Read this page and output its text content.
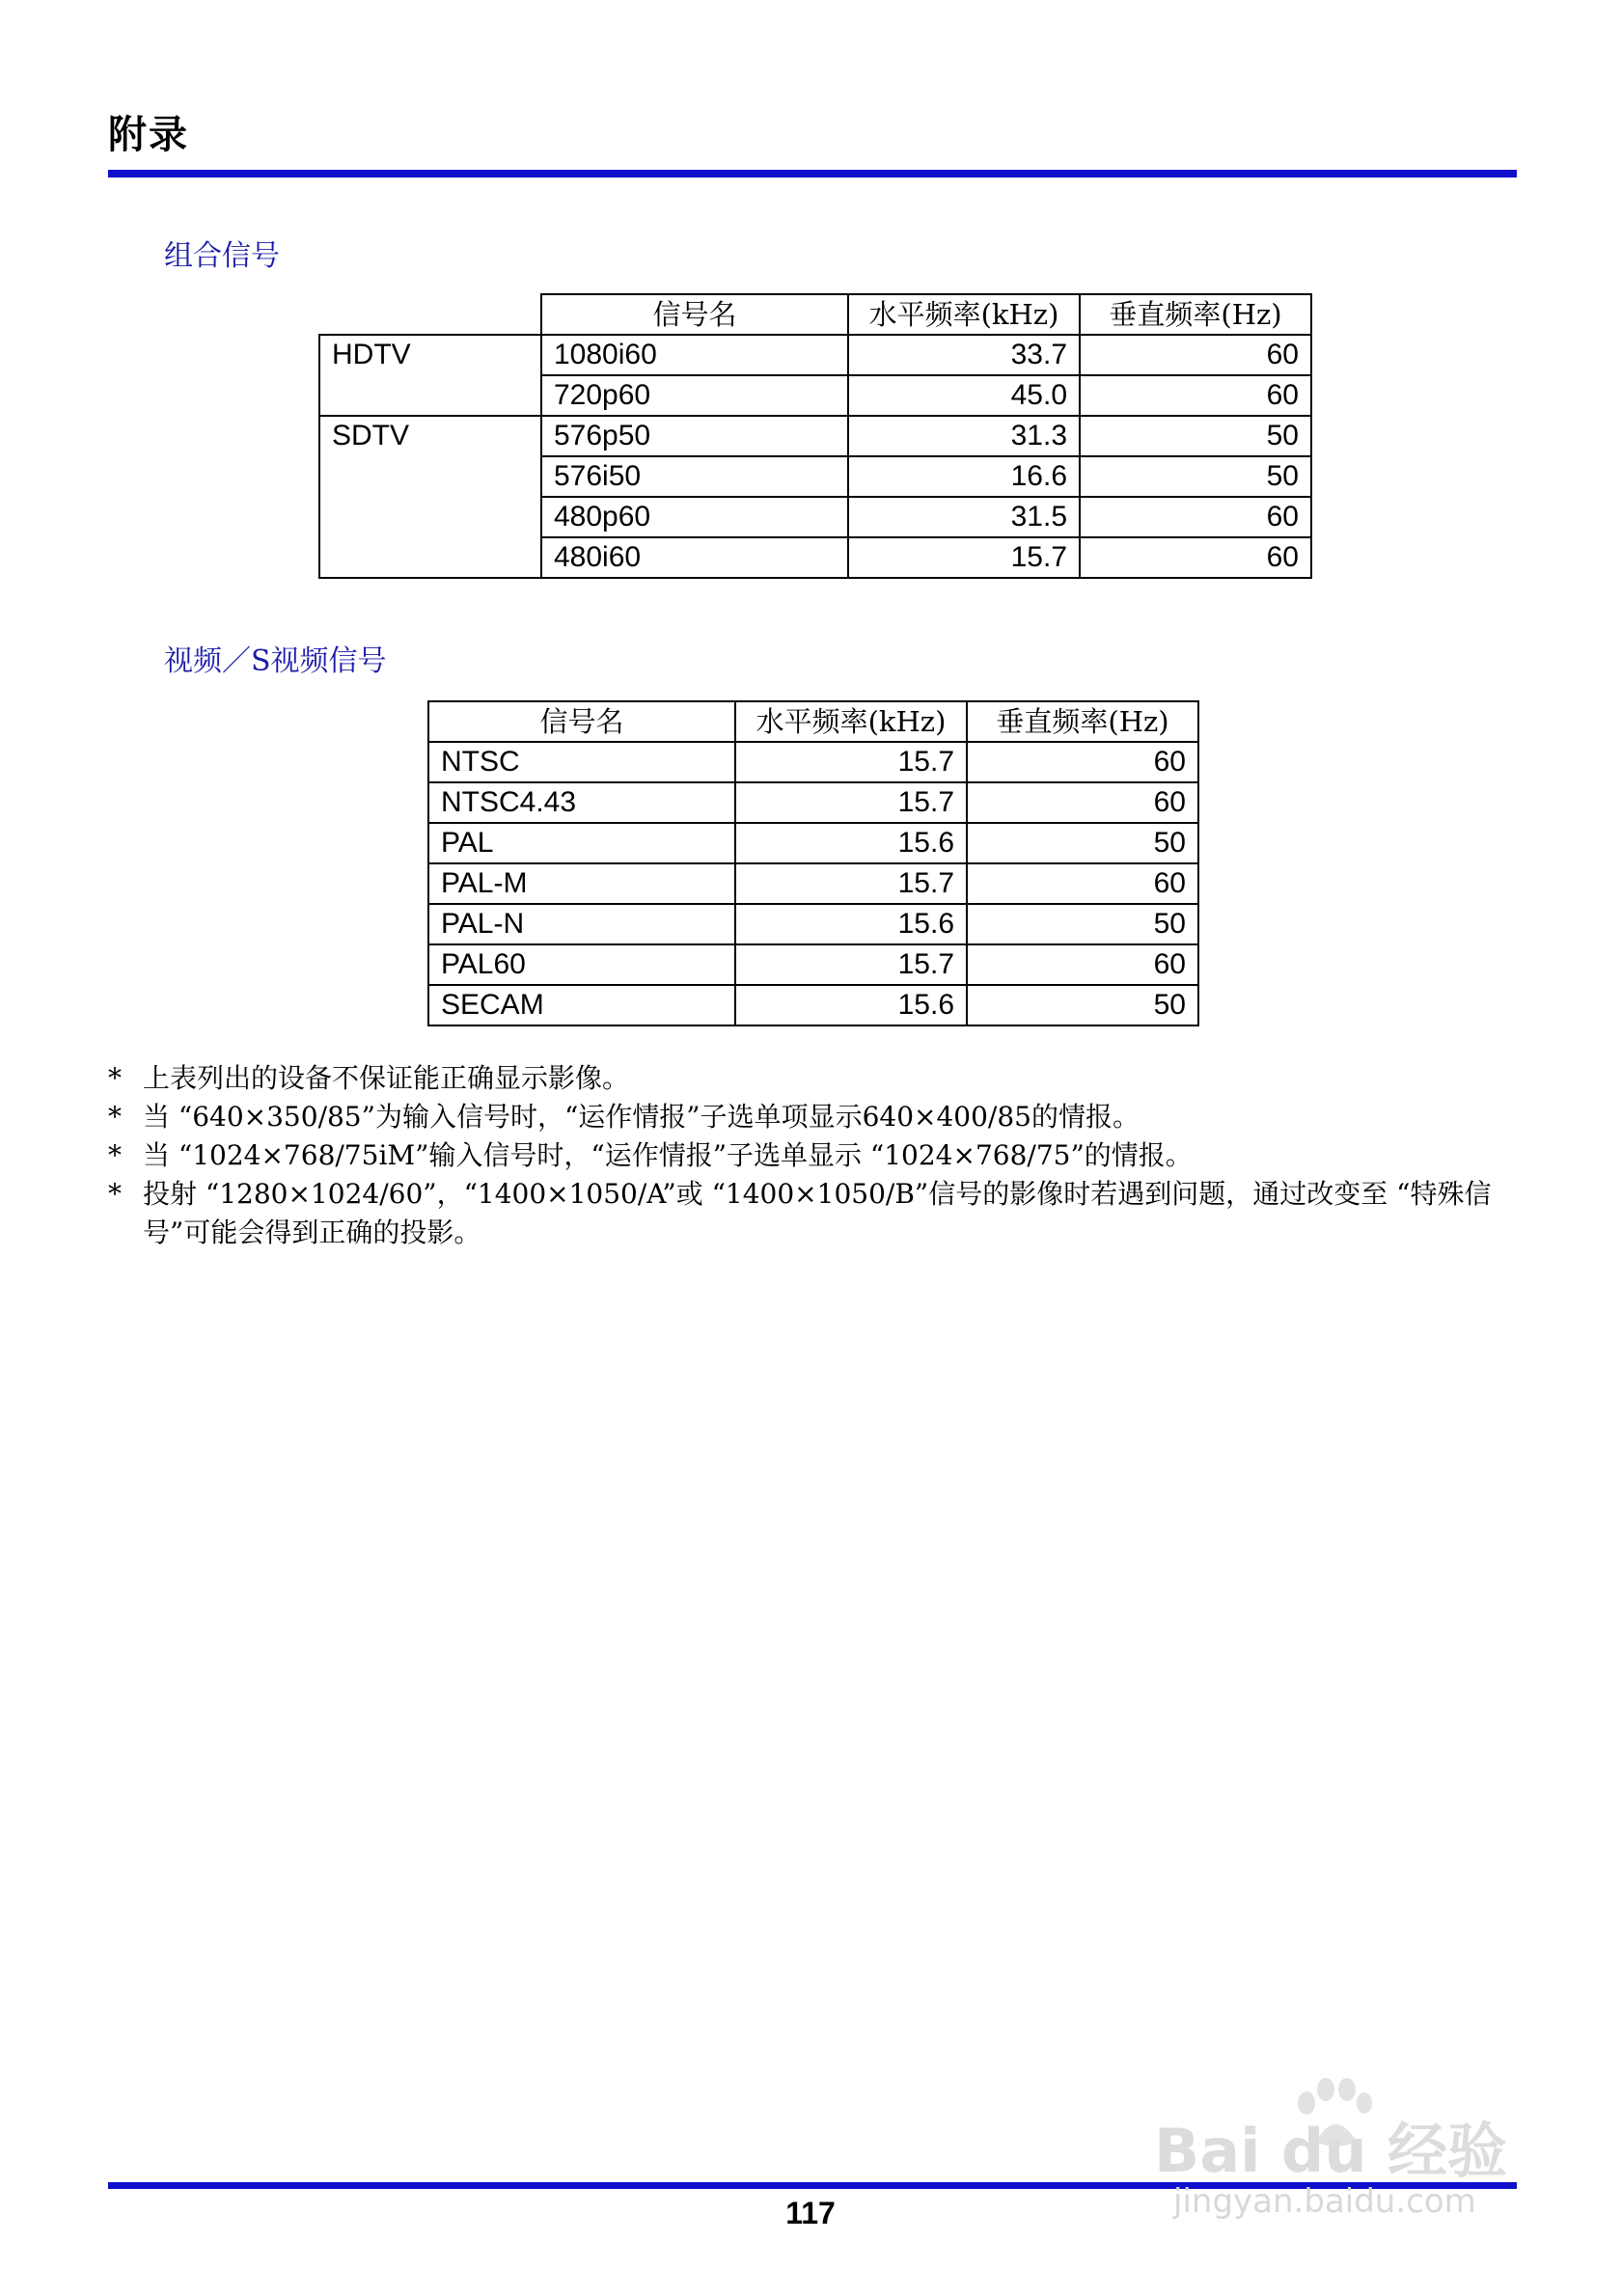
附录
组合信号
	信号名	水平频率(kHz)	垂直频率(Hz)
HDTV	1080i60	33.7	60
	720p60	45.0	60
SDTV	576p50	31.3	50
	576i50	16.6	50
	480p60	31.5	60
	480i60	15.7	60
视频／S视频信号
信号名	水平频率(kHz)	垂直频率(Hz)
NTSC	15.7	60
NTSC4.43	15.7	60
PAL	15.6	50
PAL-M	15.7	60
PAL-N	15.6	50
PAL60	15.7	60
SECAM	15.6	50
* 上表列出的设备不保证能正确显示影像。
* 当 “640×350/85”为输入信号时，“运作情报”子选单项显示640×400/85的情报。
* 当 “1024×768/75iM”输入信号时，“运作情报”子选单显示 “1024×768/75”的情报。
* 投射 “1280×1024/60”，“1400×1050/A”或 “1400×1050/B”信号的影像时若遇到问题，通过改变至 “特殊信号”可能会得到正确的投影。
117
Bai du 经验
jingyan.baidu.com
